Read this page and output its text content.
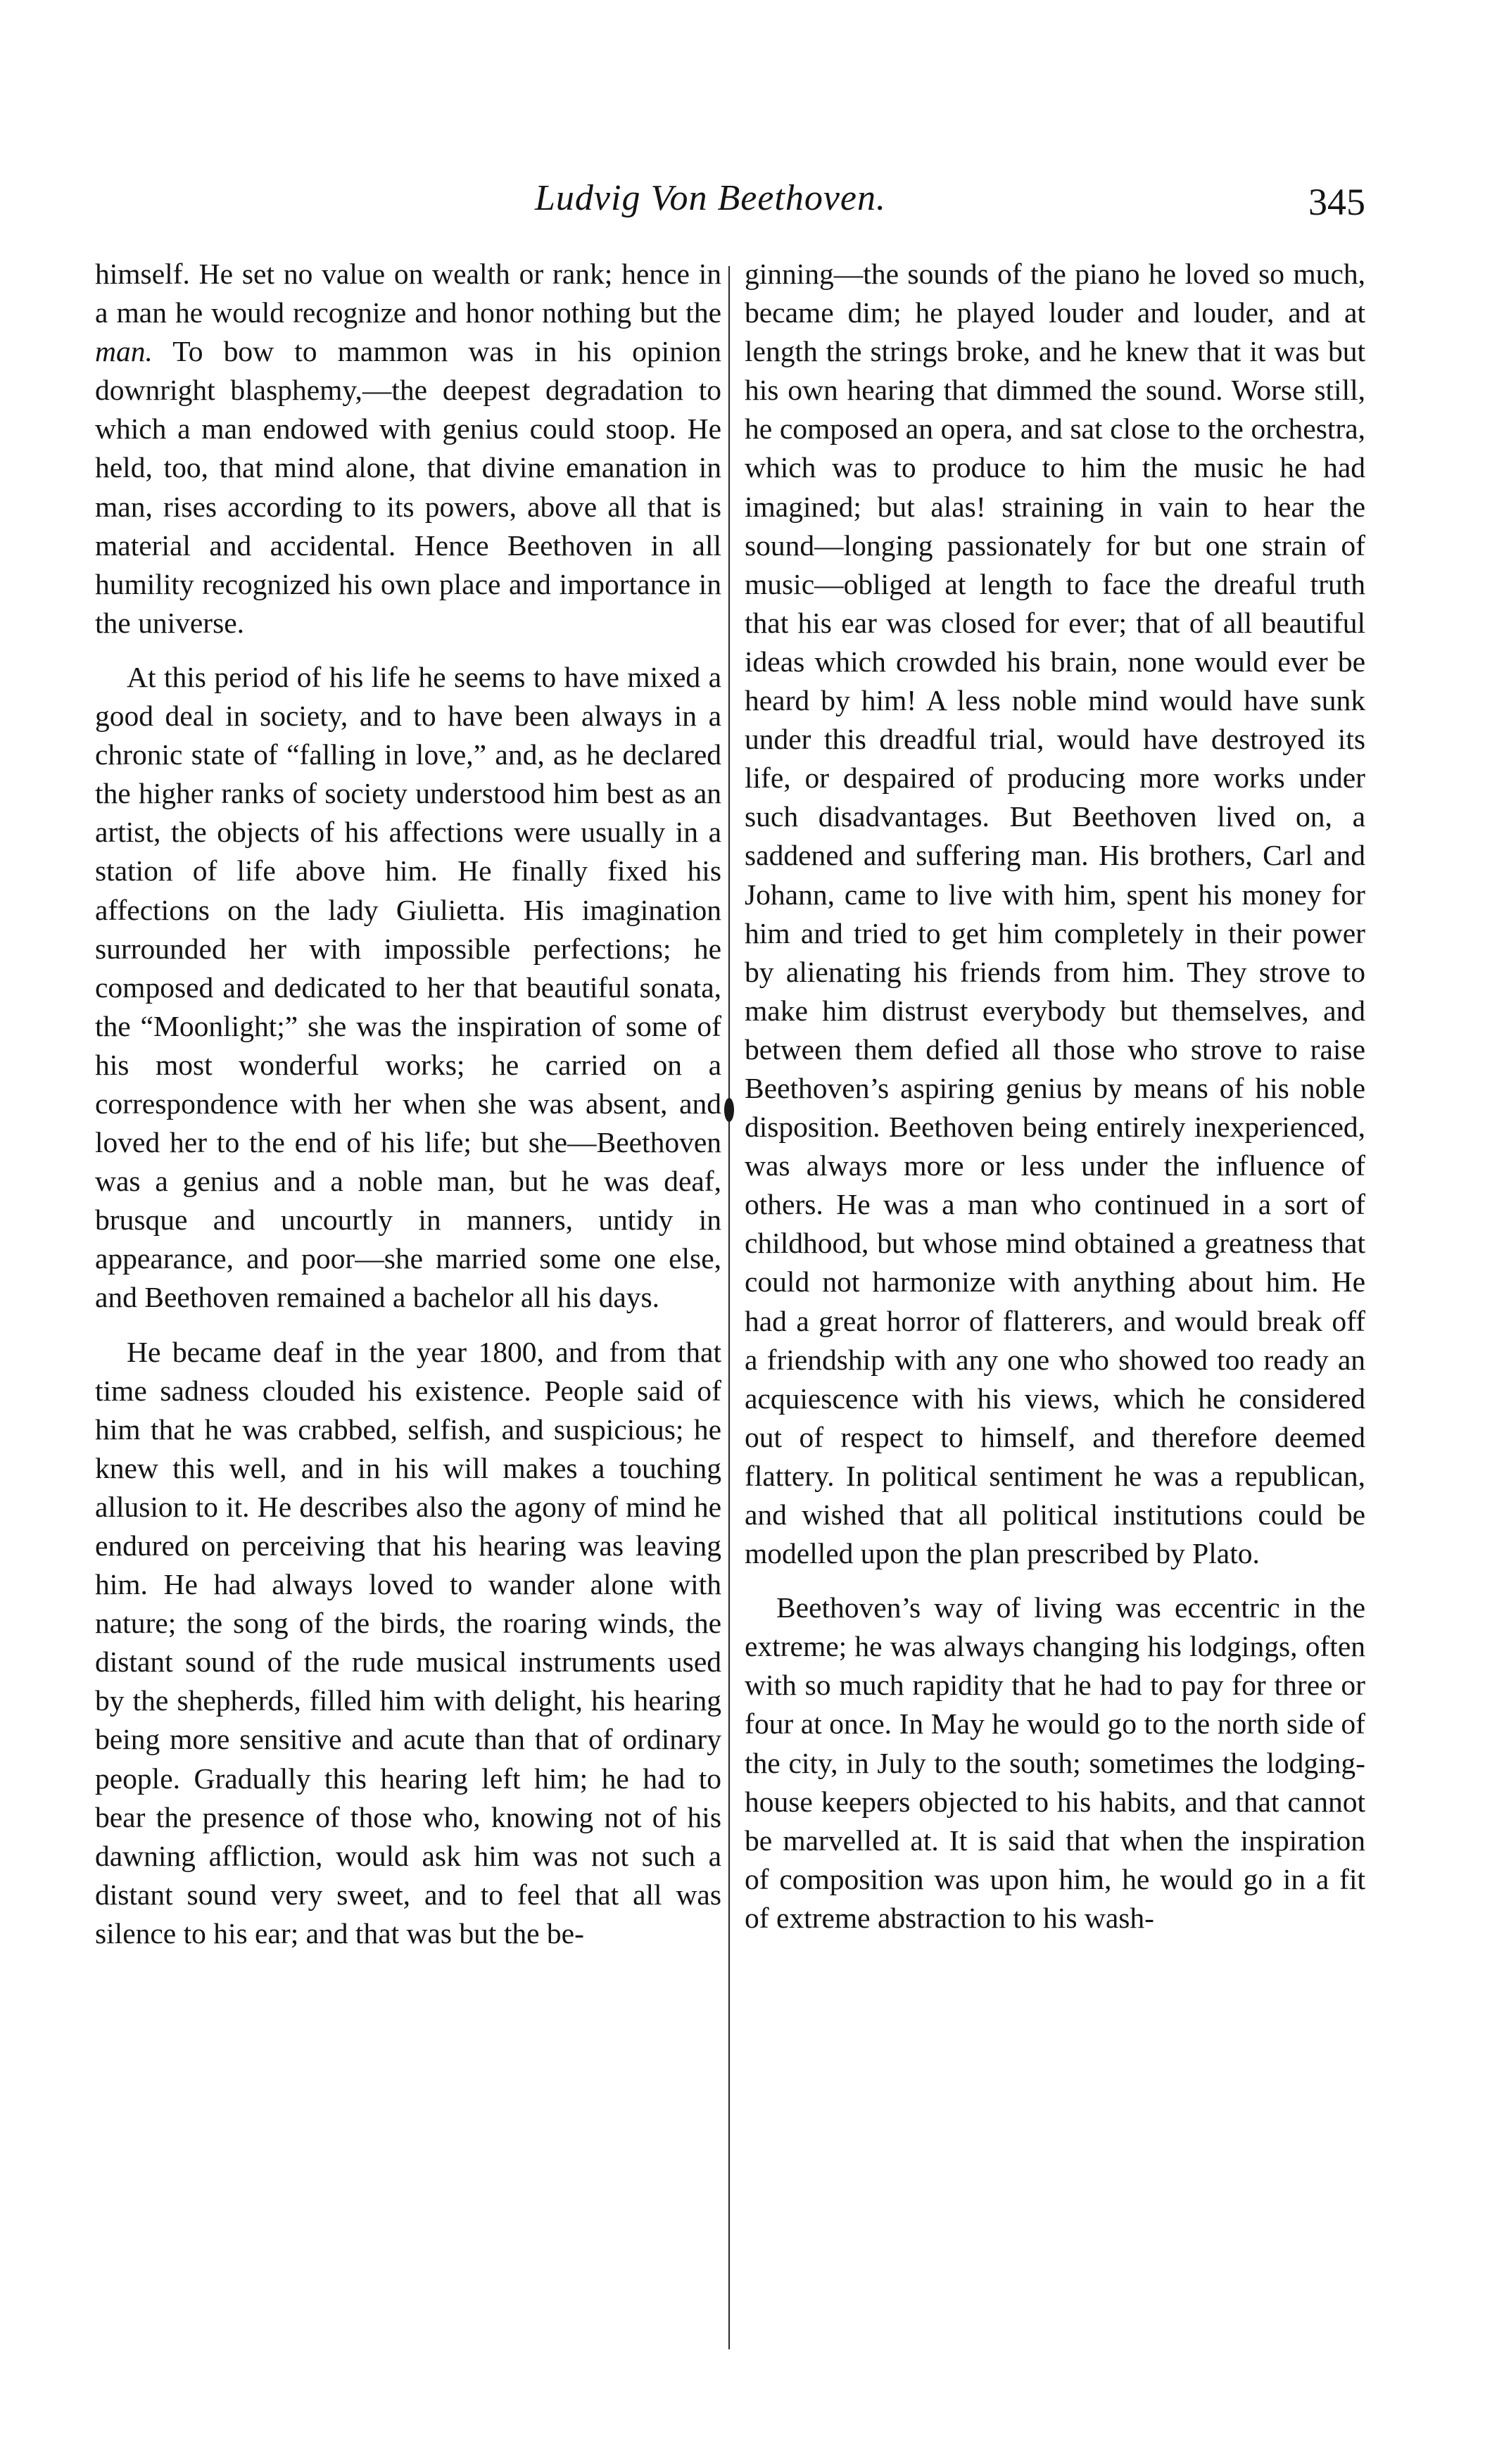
Ludvig Von Beethoven.	345

himself. He set no value on wealth or rank; hence in a man he would recognize and honor nothing but the man. To bow to mammon was in his opinion downright blasphemy,—the deepest degradation to which a man endowed with genius could stoop. He held, too, that mind alone, that divine emanation in man, rises according to its powers, above all that is material and accidental. Hence Beethoven in all humility recognized his own place and importance in the universe.

At this period of his life he seems to have mixed a good deal in society, and to have been always in a chronic state of “falling in love,” and, as he declared the higher ranks of society understood him best as an artist, the objects of his affections were usually in a station of life above him. He finally fixed his affections on the lady Giulietta. His imagination surrounded her with impossible perfections; he composed and dedicated to her that beautiful sonata, the “Moonlight;” she was the inspiration of some of his most wonderful works; he carried on a correspondence with her when she was absent, and loved her to the end of his life; but she—Beethoven was a genius and a noble man, but he was deaf, brusque and uncourtly in manners, untidy in appearance, and poor—she married some one else, and Beethoven remained a bachelor all his days.

He became deaf in the year 1800, and from that time sadness clouded his existence. People said of him that he was crabbed, selfish, and suspicious; he knew this well, and in his will makes a touching allusion to it. He describes also the agony of mind he endured on perceiving that his hearing was leaving him. He had always loved to wander alone with nature; the song of the birds, the roaring winds, the distant sound of the rude musical instruments used by the shepherds, filled him with delight, his hearing being more sensitive and acute than that of ordinary people. Gradually this hearing left him; he had to bear the presence of those who, knowing not of his dawning affliction, would ask him was not such a distant sound very sweet, and to feel that all was silence to his ear; and that was but the be-

ginning—the sounds of the piano he loved so much, became dim; he played louder and louder, and at length the strings broke, and he knew that it was but his own hearing that dimmed the sound. Worse still, he composed an opera, and sat close to the orchestra, which was to produce to him the music he had imagined; but alas! straining in vain to hear the sound—longing passionately for but one strain of music—obliged at length to face the dreaful truth that his ear was closed for ever; that of all beautiful ideas which crowded his brain, none would ever be heard by him! A less noble mind would have sunk under this dreadful trial, would have destroyed its life, or despaired of producing more works under such disadvantages. But Beethoven lived on, a saddened and suffering man. His brothers, Carl and Johann, came to live with him, spent his money for him and tried to get him completely in their power by alienating his friends from him. They strove to make him distrust everybody but themselves, and between them defied all those who strove to raise Beethoven’s aspiring genius by means of his noble disposition. Beethoven being entirely inexperienced, was always more or less under the influence of others. He was a man who continued in a sort of childhood, but whose mind obtained a greatness that could not harmonize with anything about him. He had a great horror of flatterers, and would break off a friendship with any one who showed too ready an acquiescence with his views, which he considered out of respect to himself, and therefore deemed flattery. In political sentiment he was a republican, and wished that all political institutions could be modelled upon the plan prescribed by Plato.

Beethoven’s way of living was eccentric in the extreme; he was always changing his lodgings, often with so much rapidity that he had to pay for three or four at once. In May he would go to the north side of the city, in July to the south; sometimes the lodging-house keepers objected to his habits, and that cannot be marvelled at. It is said that when the inspiration of composition was upon him, he would go in a fit of extreme abstraction to his wash-
